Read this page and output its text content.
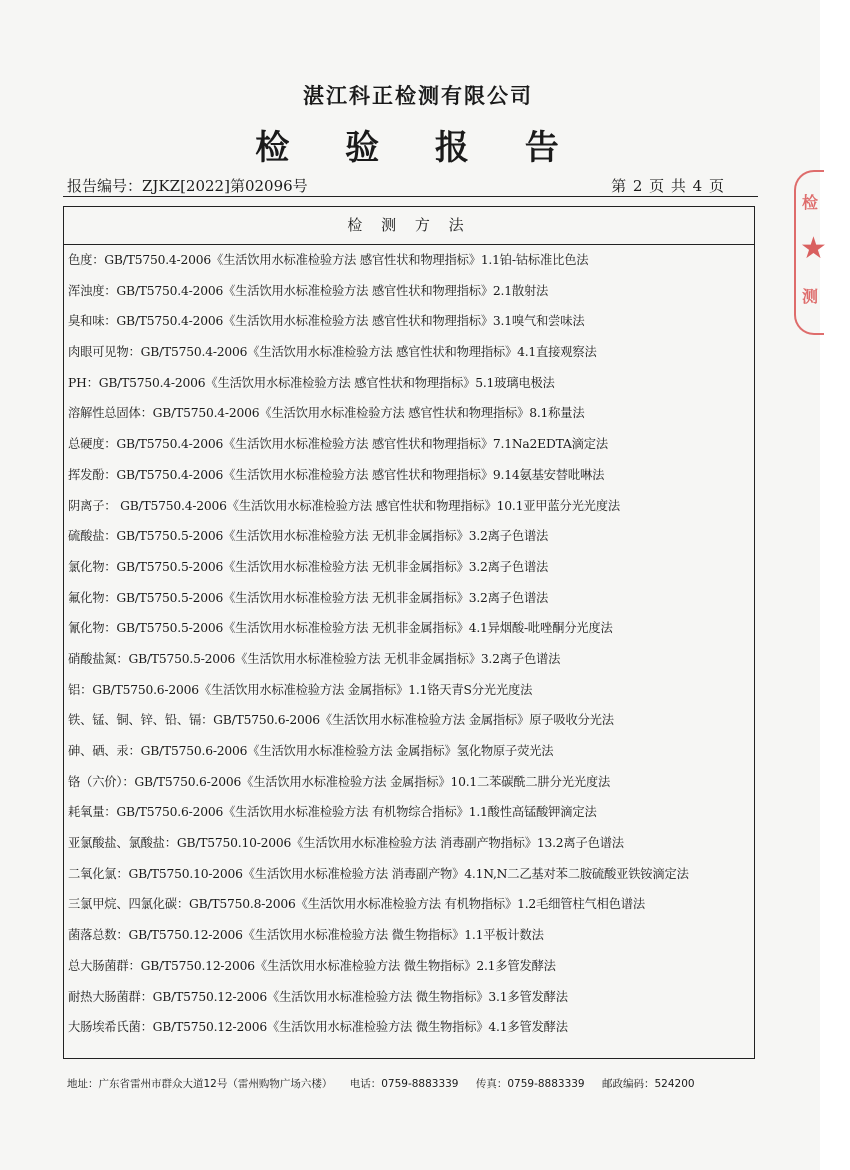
湛江科正检测有限公司
检 验 报 告
报告编号：ZJKZ[2022]第02096号	第 2 页 共 4 页
检 测 方 法
色度：GB/T5750.4-2006《生活饮用水标准检验方法 感官性状和物理指标》1.1铂-钴标准比色法
浑浊度：GB/T5750.4-2006《生活饮用水标准检验方法 感官性状和物理指标》2.1散射法
臭和味：GB/T5750.4-2006《生活饮用水标准检验方法 感官性状和物理指标》3.1嗅气和尝味法
肉眼可见物：GB/T5750.4-2006《生活饮用水标准检验方法 感官性状和物理指标》4.1直接观察法
PH：GB/T5750.4-2006《生活饮用水标准检验方法 感官性状和物理指标》5.1玻璃电极法
溶解性总固体：GB/T5750.4-2006《生活饮用水标准检验方法 感官性状和物理指标》8.1称量法
总硬度：GB/T5750.4-2006《生活饮用水标准检验方法 感官性状和物理指标》7.1Na2EDTA滴定法
挥发酚：GB/T5750.4-2006《生活饮用水标准检验方法 感官性状和物理指标》9.14氨基安替吡啉法
阴离子： GB/T5750.4-2006《生活饮用水标准检验方法 感官性状和物理指标》10.1亚甲蓝分光光度法
硫酸盐：GB/T5750.5-2006《生活饮用水标准检验方法 无机非金属指标》3.2离子色谱法
氯化物：GB/T5750.5-2006《生活饮用水标准检验方法 无机非金属指标》3.2离子色谱法
氟化物：GB/T5750.5-2006《生活饮用水标准检验方法 无机非金属指标》3.2离子色谱法
氰化物：GB/T5750.5-2006《生活饮用水标准检验方法 无机非金属指标》4.1异烟酸-吡唑酮分光度法
硝酸盐氮：GB/T5750.5-2006《生活饮用水标准检验方法 无机非金属指标》3.2离子色谱法
铝：GB/T5750.6-2006《生活饮用水标准检验方法 金属指标》1.1铬天青S分光光度法
铁、锰、铜、锌、铅、镉：GB/T5750.6-2006《生活饮用水标准检验方法 金属指标》原子吸收分光法
砷、硒、汞：GB/T5750.6-2006《生活饮用水标准检验方法 金属指标》氢化物原子荧光法
铬（六价）：GB/T5750.6-2006《生活饮用水标准检验方法 金属指标》10.1二苯碳酰二肼分光光度法
耗氧量：GB/T5750.6-2006《生活饮用水标准检验方法 有机物综合指标》1.1酸性高锰酸钾滴定法
亚氯酸盐、氯酸盐：GB/T5750.10-2006《生活饮用水标准检验方法 消毒副产物指标》13.2离子色谱法
二氧化氯：GB/T5750.10-2006《生活饮用水标准检验方法 消毒副产物》4.1N,N二乙基对苯二胺硫酸亚铁铵滴定法
三氯甲烷、四氯化碳：GB/T5750.8-2006《生活饮用水标准检验方法 有机物指标》1.2毛细管柱气相色谱法
菌落总数：GB/T5750.12-2006《生活饮用水标准检验方法 微生物指标》1.1平板计数法
总大肠菌群：GB/T5750.12-2006《生活饮用水标准检验方法 微生物指标》2.1多管发酵法
耐热大肠菌群：GB/T5750.12-2006《生活饮用水标准检验方法 微生物指标》3.1多管发酵法
大肠埃希氏菌：GB/T5750.12-2006《生活饮用水标准检验方法 微生物指标》4.1多管发酵法
地址：广东省雷州市群众大道12号（雷州购物广场六楼） 电话：0759-8883339 传真：0759-8883339 邮政编码：524200
检
★
测
